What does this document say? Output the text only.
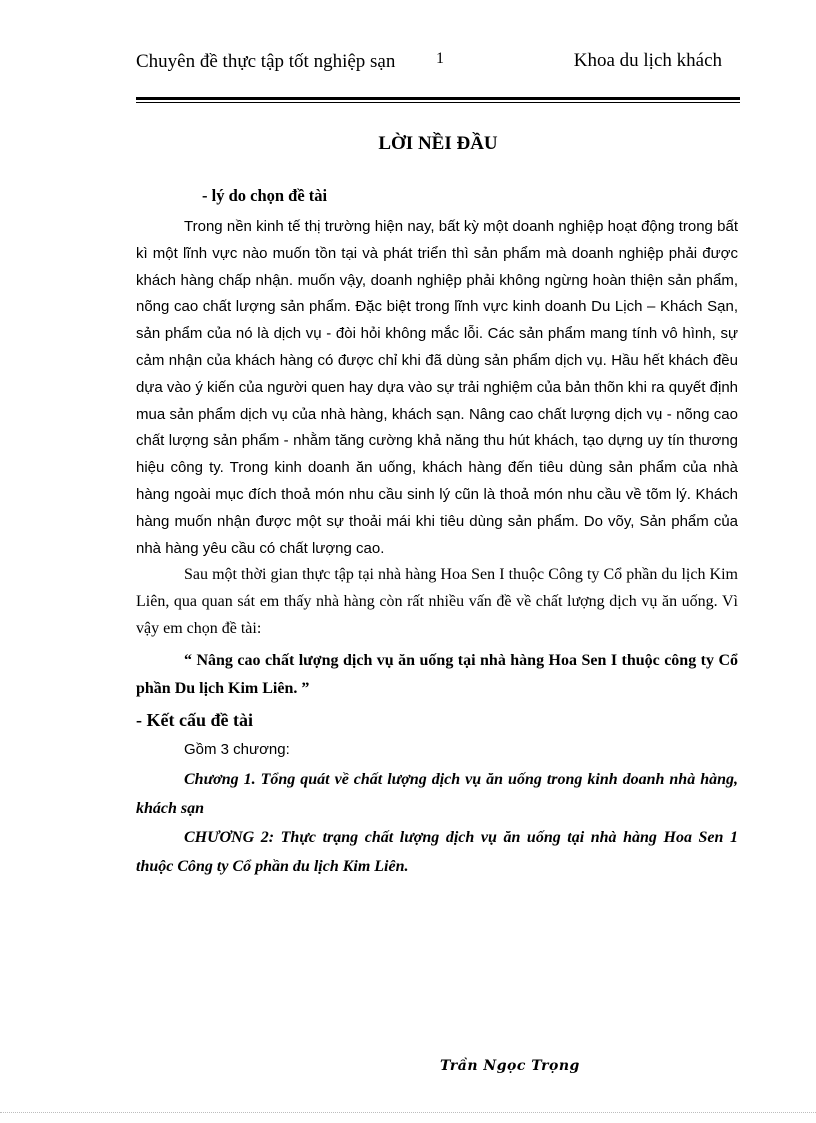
Chuyên đề thực tập tốt nghiệp sạn	1	Khoa du lịch khách
LỜI NỀI ĐẦU

- lý do chọn đề tài

Trong nền kinh tế thị trường hiện nay, bất kỳ một doanh nghiệp hoạt động trong bất kì một lĩnh vực nào muốn tồn tại và phát triển thì sản phẩm mà doanh nghiệp phải được khách hàng chấp nhận. muốn vậy, doanh nghiệp phải không ngừng hoàn thiện sản phẩm, nõng cao chất lượng sản phẩm. Đặc biệt trong lĩnh vực kinh doanh Du Lịch – Khách Sạn, sản phẩm của nó là dịch vụ - đòi hỏi không mắc lỗi. Các sản phẩm mang tính vô hình, sự cảm nhận của khách hàng có được chỉ khi đã dùng sản phẩm dịch vụ. Hầu hết khách đều dựa vào ý kiến của người quen hay dựa vào sự trải nghiệm của bản thõn khi ra quyết định mua sản phẩm dịch vụ của nhà hàng, khách sạn. Nâng cao chất lượng dịch vụ - nõng cao chất lượng sản phẩm - nhằm tăng cường khả năng thu hút khách, tạo dựng uy tín thương hiệu công ty. Trong kinh doanh ăn uống, khách hàng đến tiêu dùng sản phẩm của nhà hàng ngoài mục đích thoả món nhu cầu sinh lý cũn là thoả món nhu cầu về tõm lý. Khách hàng muốn nhận được một sự thoải mái khi tiêu dùng sản phẩm. Do võy, Sản phẩm của nhà hàng yêu cầu có chất lượng cao.

Sau một thời gian thực tập tại nhà hàng Hoa Sen I thuộc Công ty Cổ phần du lịch Kim Liên, qua quan sát em thấy nhà hàng còn rất nhiều vấn đề về chất lượng dịch vụ ăn uống. Vì vậy em chọn đề tài:

“ Nâng cao chất lượng dịch vụ ăn uống tại nhà hàng Hoa Sen I thuộc công ty Cổ phần Du lịch Kim Liên. ”

- Kết cấu đề tài

Gồm 3 chương:

Chương 1. Tổng quát về chất lượng dịch vụ ăn uống trong kinh doanh nhà hàng, khách sạn

CHƯƠNG 2: Thực trạng chất lượng dịch vụ ăn uống tại nhà hàng Hoa Sen 1 thuộc Công ty Cổ phần du lịch Kim Liên.

Trần Ngọc Trọng
